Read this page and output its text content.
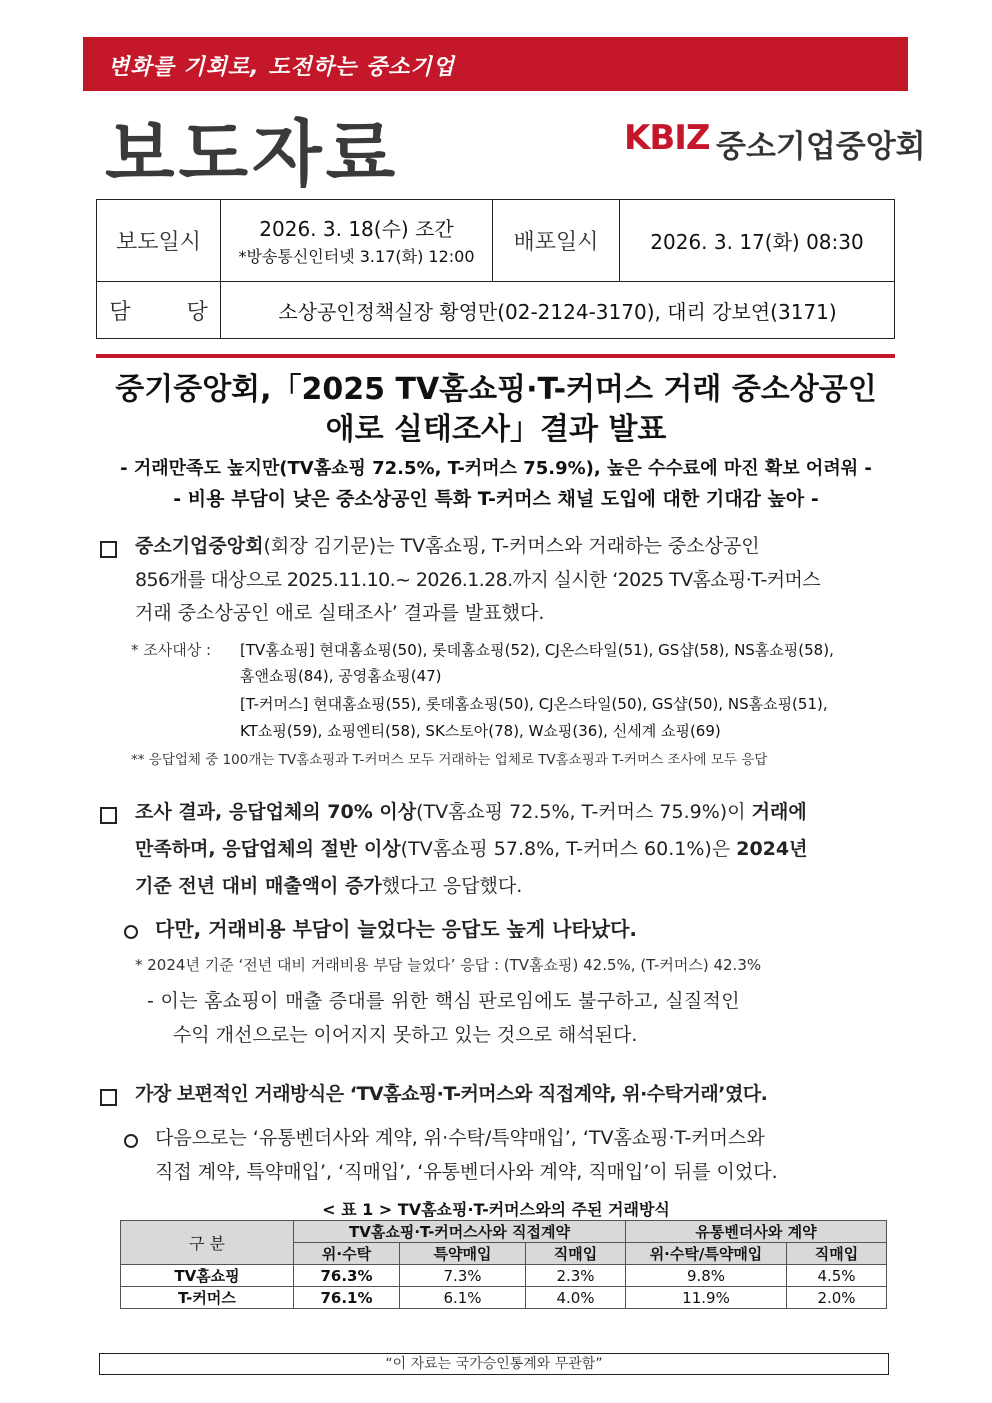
변화를 기회로, 도전하는 중소기업
보도자료	KBIZ 중소기업중앙회
보도일시	2026. 3. 18(수) 조간
*방송통신인터넷 3.17(화) 12:00	배포일시	2026. 3. 17(화) 08:30
담        당	소상공인정책실장 황영만(02-2124-3170), 대리 강보연(3171)		
중기중앙회,「2025 TV홈쇼핑·T-커머스 거래 중소상공인
애로 실태조사」결과 발표
- 거래만족도 높지만(TV홈쇼핑 72.5%, T-커머스 75.9%), 높은 수수료에 마진 확보 어려워 -
- 비용 부담이 낮은 중소상공인 특화 T-커머스 채널 도입에 대한 기대감 높아 -
중소기업중앙회(회장 김기문)는 TV홈쇼핑, T-커머스와 거래하는 중소상공인
856개를 대상으로 2025.11.10.~ 2026.1.28.까지 실시한 ‘2025 TV홈쇼핑·T-커머스
거래 중소상공인 애로 실태조사’ 결과를 발표했다.
* 조사대상 : [TV홈쇼핑] 현대홈쇼핑(50), 롯데홈쇼핑(52), CJ온스타일(51), GS샵(58), NS홈쇼핑(58),
홈앤쇼핑(84), 공영홈쇼핑(47)
[T-커머스] 현대홈쇼핑(55), 롯데홈쇼핑(50), CJ온스타일(50), GS샵(50), NS홈쇼핑(51),
KT쇼핑(59), 쇼핑엔티(58), SK스토아(78), W쇼핑(36), 신세계 쇼핑(69)
** 응답업체 중 100개는 TV홈쇼핑과 T-커머스 모두 거래하는 업체로 TV홈쇼핑과 T-커머스 조사에 모두 응답
조사 결과, 응답업체의 70% 이상(TV홈쇼핑 72.5%, T-커머스 75.9%)이 거래에
만족하며, 응답업체의 절반 이상(TV홈쇼핑 57.8%, T-커머스 60.1%)은 2024년
기준 전년 대비 매출액이 증가했다고 응답했다.
다만, 거래비용 부담이 늘었다는 응답도 높게 나타났다.
* 2024년 기준 ‘전년 대비 거래비용 부담 늘었다’ 응답 : (TV홈쇼핑) 42.5%, (T-커머스) 42.3%
- 이는 홈쇼핑이 매출 증대를 위한 핵심 판로임에도 불구하고, 실질적인
수익 개선으로는 이어지지 못하고 있는 것으로 해석된다.
가장 보편적인 거래방식은 ‘TV홈쇼핑·T-커머스와 직접계약, 위·수탁거래’였다.
다음으로는 ‘유통벤더사와 계약, 위·수탁/특약매입’, ‘TV홈쇼핑·T-커머스와
직접 계약, 특약매입’, ‘직매입’, ‘유통벤더사와 계약, 직매입’이 뒤를 이었다.
< 표 1 > TV홈쇼핑·T-커머스와의 주된 거래방식
구 분	TV홈쇼핑·T-커머스사와 직접계약			유통벤더사와 계약	
	위·수탁	특약매입	직매입	위·수탁/특약매입	직매입
TV홈쇼핑	76.3%	7.3%	2.3%	9.8%	4.5%
T-커머스	76.1%	6.1%	4.0%	11.9%	2.0%
“이 자료는 국가승인통계와 무관함”
